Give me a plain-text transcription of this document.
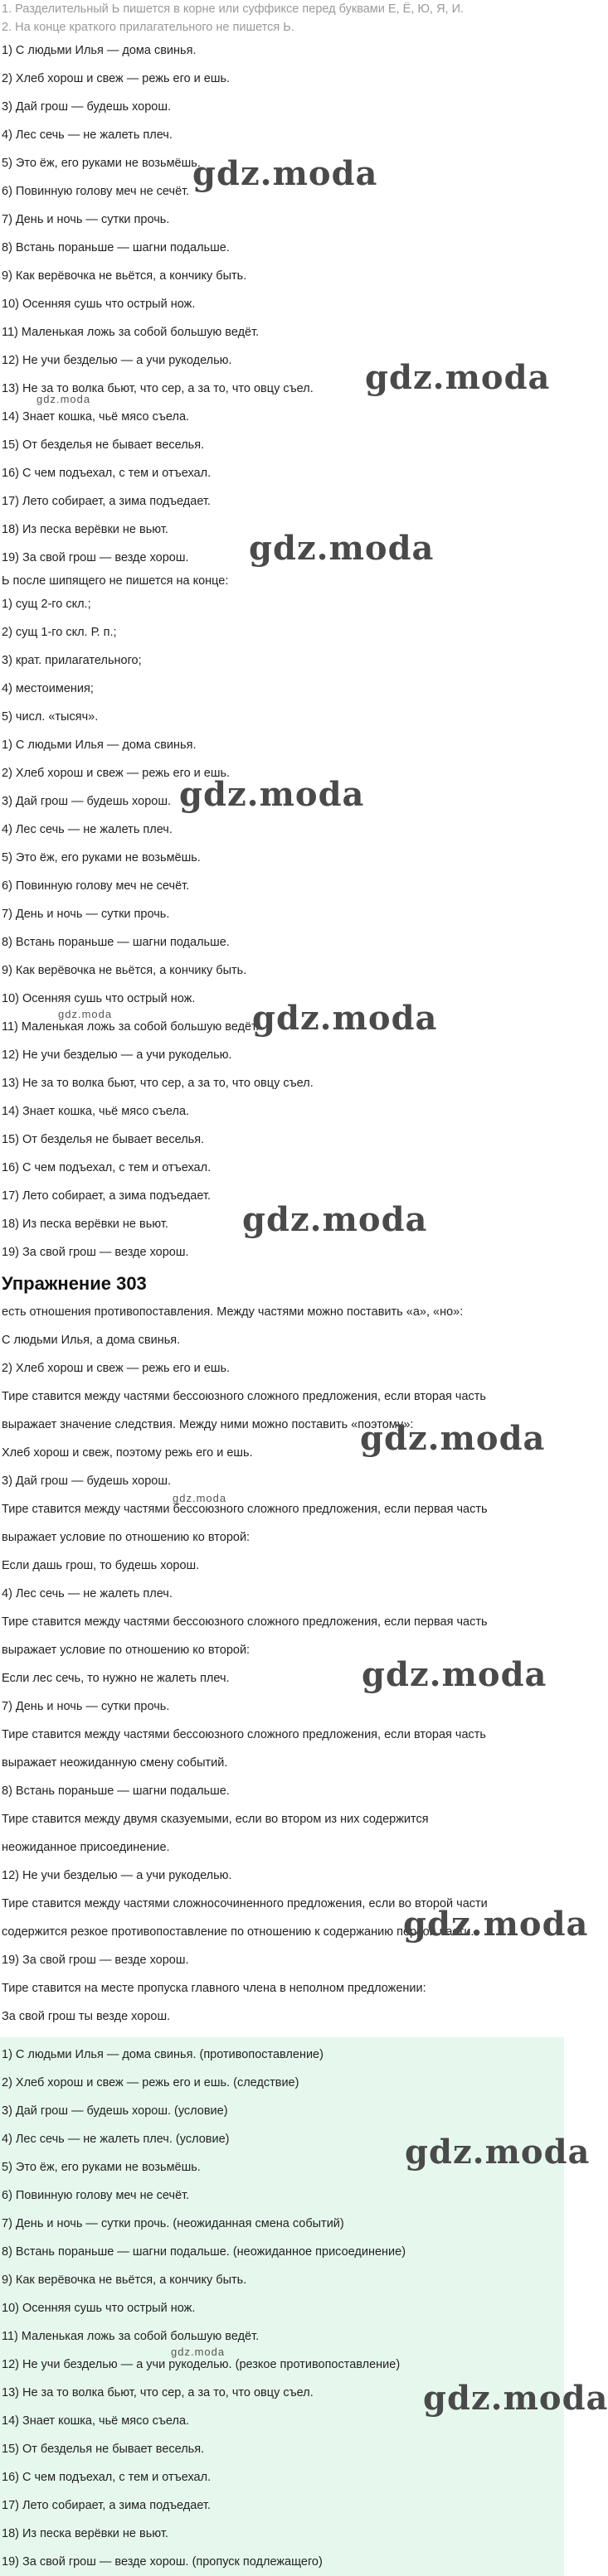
1. Разделительный Ь пишется в корне или суффиксе перед буквами Е, Ё, Ю, Я, И.
2. На конце краткого прилагательного не пишется Ь.
1) С людьми Илья — дома свинья.
2) Хлеб хорош и свеж — режь его и ешь.
3) Дай грош — будешь хорош.
4) Лес сечь — не жалеть плеч.
5) Это ёж, его руками не возьмёшь.
6) Повинную голову меч не сечёт.
7) День и ночь — сутки прочь.
8) Встань пораньше — шагни подальше.
9) Как верёвочка не вьётся, а кончику быть.
10) Осенняя сушь что острый нож.
11) Маленькая ложь за собой большую ведёт.
12) Не учи безделью — а учи рукоделью.
13) Не за то волка бьют, что сер, а за то, что овцу съел.
14) Знает кошка, чьё мясо съела.
15) От безделья не бывает веселья.
16) С чем подъехал, с тем и отъехал.
17) Лето собирает, а зима подъедает.
18) Из песка верёвки не вьют.
19) За свой грош — везде хорош.
Ь после шипящего не пишется на конце:
1) сущ 2-го скл.;
2) сущ 1-го скл. Р. п.;
3) крат. прилагательного;
4) местоимения;
5) числ. «тысяч».
1) С людьми Илья — дома свинья.
2) Хлеб хорош и свеж — режь его и ешь.
3) Дай грош — будешь хорош.
4) Лес сечь — не жалеть плеч.
5) Это ёж, его руками не возьмёшь.
6) Повинную голову меч не сечёт.
7) День и ночь — сутки прочь.
8) Встань пораньше — шагни подальше.
9) Как верёвочка не вьётся, а кончику быть.
10) Осенняя сушь что острый нож.
11) Маленькая ложь за собой большую ведёт.
12) Не учи безделью — а учи рукоделью.
13) Не за то волка бьют, что сер, а за то, что овцу съел.
14) Знает кошка, чьё мясо съела.
15) От безделья не бывает веселья.
16) С чем подъехал, с тем и отъехал.
17) Лето собирает, а зима подъедает.
18) Из песка верёвки не вьют.
19) За свой грош — везде хорош.
Упражнение 303
есть отношения противопоставления. Между частями можно поставить «а», «но»:
С людьми Илья, а дома свинья.
2) Хлеб хорош и свеж — режь его и ешь.
Тире ставится между частями бессоюзного сложного предложения, если вторая часть
выражает значение следствия. Между ними можно поставить «поэтому»:
Хлеб хорош и свеж, поэтому режь его и ешь.
3) Дай грош — будешь хорош.
Тире ставится между частями бессоюзного сложного предложения, если первая часть
выражает условие по отношению ко второй:
Если дашь грош, то будешь хорош.
4) Лес сечь — не жалеть плеч.
Тире ставится между частями бессоюзного сложного предложения, если первая часть
выражает условие по отношению ко второй:
Если лес сечь, то нужно не жалеть плеч.
7) День и ночь — сутки прочь.
Тире ставится между частями бессоюзного сложного предложения, если вторая часть
выражает неожиданную смену событий.
8) Встань пораньше — шагни подальше.
Тире ставится между двумя сказуемыми, если во втором из них содержится
неожиданное присоединение.
12) Не учи безделью — а учи рукоделью.
Тире ставится между частями сложносочиненного предложения, если во второй части
содержится резкое противопоставление по отношению к содержанию первой части.
19) За свой грош — везде хорош.
Тире ставится на месте пропуска главного члена в неполном предложении:
За свой грош ты везде хорош.
1) С людьми Илья — дома свинья. (противопоставление)
2) Хлеб хорош и свеж — режь его и ешь. (следствие)
3) Дай грош — будешь хорош. (условие)
4) Лес сечь — не жалеть плеч. (условие)
5) Это ёж, его руками не возьмёшь.
6) Повинную голову меч не сечёт.
7) День и ночь — сутки прочь. (неожиданная смена событий)
8) Встань пораньше — шагни подальше. (неожиданное присоединение)
9) Как верёвочка не вьётся, а кончику быть.
10) Осенняя сушь что острый нож.
11) Маленькая ложь за собой большую ведёт.
12) Не учи безделью — а учи рукоделью. (резкое противопоставление)
13) Не за то волка бьют, что сер, а за то, что овцу съел.
14) Знает кошка, чьё мясо съела.
15) От безделья не бывает веселья.
16) С чем подъехал, с тем и отъехал.
17) Лето собирает, а зима подъедает.
18) Из песка верёвки не вьют.
19) За свой грош — везде хорош. (пропуск подлежащего)
gdz.moda
gdz.moda
gdz.moda
gdz.moda
gdz.moda
gdz.moda
gdz.moda
gdz.moda
gdz.moda
gdz.moda
gdz.moda
gdz.moda
gdz.moda
gdz.moda
gdz.moda
